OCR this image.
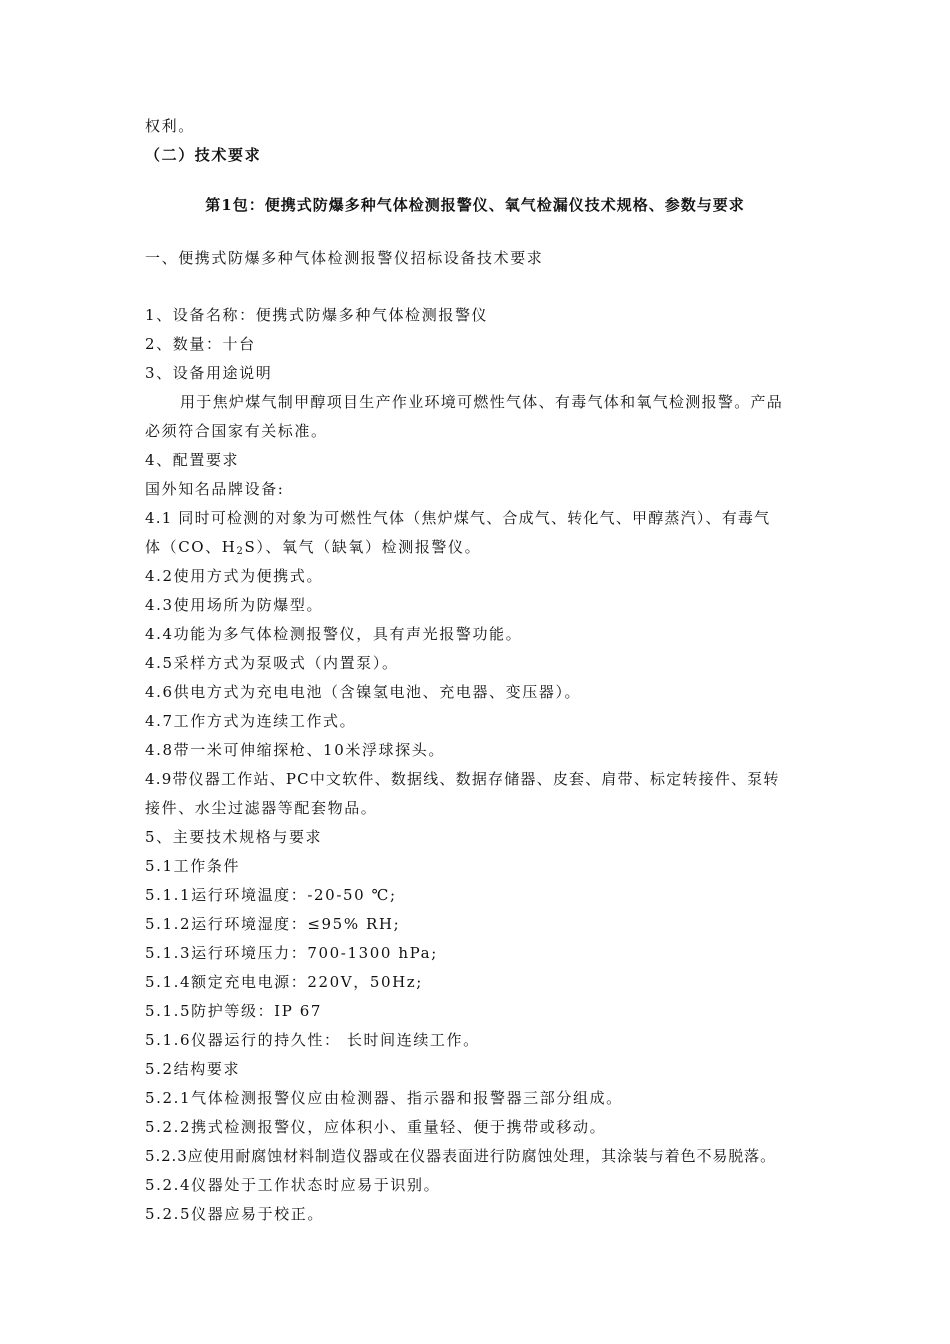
权利。
（二）技术要求
第1包：便携式防爆多种气体检测报警仪、氧气检漏仪技术规格、参数与要求
一、便携式防爆多种气体检测报警仪招标设备技术要求
1、设备名称：便携式防爆多种气体检测报警仪
2、数量：十台
3、设备用途说明
用于焦炉煤气制甲醇项目生产作业环境可燃性气体、有毒气体和氧气检测报警。产品
必须符合国家有关标准。
4、配置要求
国外知名品牌设备:
4.1 同时可检测的对象为可燃性气体（焦炉煤气、合成气、转化气、甲醇蒸汽）、有毒气
体（CO、$H_2S$）、氧气（缺氧）检测报警仪。
4.2使用方式为便携式。
4.3使用场所为防爆型。
4.4功能为多气体检测报警仪，具有声光报警功能。
4.5采样方式为泵吸式（内置泵）。
4.6供电方式为充电电池（含镍氢电池、充电器、变压器）。
4.7工作方式为连续工作式。
4.8带一米可伸缩探枪、10米浮球探头。
4.9带仪器工作站、PC中文软件、数据线、数据存储器、皮套、肩带、标定转接件、泵转
接件、水尘过滤器等配套物品。
5、主要技术规格与要求
5.1工作条件
5.1.1运行环境温度：-20-50 ℃;
5.1.2运行环境湿度：≤95% RH;
5.1.3运行环境压力：700-1300 hPa;
5.1.4额定充电电源：220V，50Hz;
5.1.5防护等级：IP 67
5.1.6仪器运行的持久性： 长时间连续工作。
5.2结构要求
5.2.1气体检测报警仪应由检测器、指示器和报警器三部分组成。
5.2.2携式检测报警仪，应体积小、重量轻、便于携带或移动。
5.2.3应使用耐腐蚀材料制造仪器或在仪器表面进行防腐蚀处理，其涂装与着色不易脱落。
5.2.4仪器处于工作状态时应易于识别。
5.2.5仪器应易于校正。
